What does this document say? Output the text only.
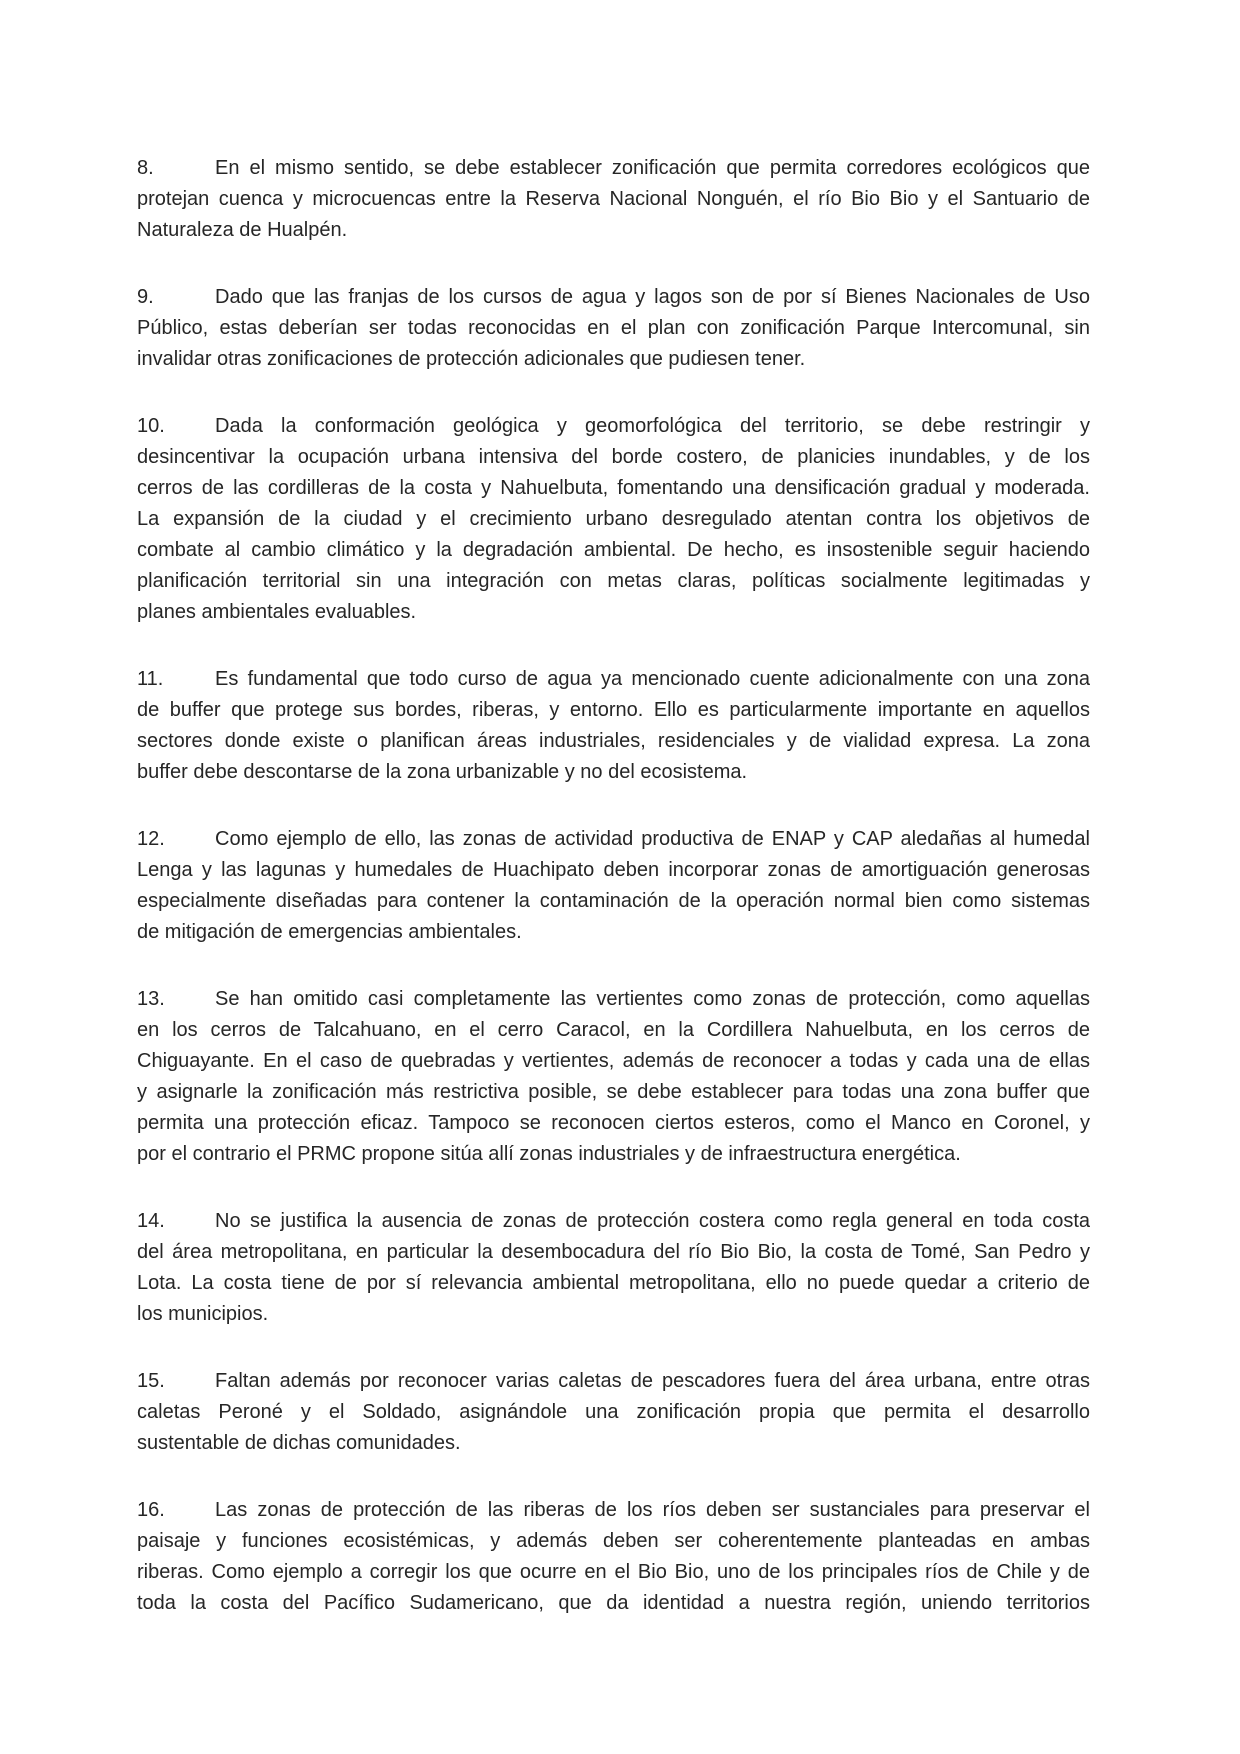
8.	En el mismo sentido, se debe establecer zonificación que permita corredores ecológicos que
protejan cuenca y microcuencas entre la Reserva Nacional Nonguén, el río Bio Bio y el Santuario de
Naturaleza de Hualpén.
9.	Dado que las franjas de los cursos de agua y lagos son de por sí Bienes Nacionales de Uso
Público, estas deberían ser todas reconocidas en el plan con zonificación Parque Intercomunal, sin
invalidar otras zonificaciones de protección adicionales que pudiesen tener.
10.	Dada la conformación geológica y geomorfológica del territorio, se debe restringir y
desincentivar la ocupación urbana intensiva del borde costero, de planicies inundables, y de los
cerros de las cordilleras de la costa y Nahuelbuta, fomentando una densificación gradual y moderada.
La expansión de la ciudad y el crecimiento urbano desregulado atentan contra los objetivos de
combate al cambio climático y la degradación ambiental. De hecho, es insostenible seguir haciendo
planificación territorial sin una integración con metas claras, políticas socialmente legitimadas y
planes ambientales evaluables.
11.	Es fundamental que todo curso de agua ya mencionado cuente adicionalmente con una zona
de buffer que protege sus bordes, riberas, y entorno. Ello es particularmente importante en aquellos
sectores donde existe o planifican áreas industriales, residenciales y de vialidad expresa. La zona
buffer debe descontarse de la zona urbanizable y no del ecosistema.
12.	Como ejemplo de ello, las zonas de actividad productiva de ENAP y CAP aledañas al humedal
Lenga y las lagunas y humedales de Huachipato deben incorporar zonas de amortiguación generosas
especialmente diseñadas para contener la contaminación de la operación normal bien como sistemas
de mitigación de emergencias ambientales.
13.	Se han omitido casi completamente las vertientes como zonas de protección, como aquellas
en los cerros de Talcahuano, en el cerro Caracol, en la Cordillera Nahuelbuta, en los cerros de
Chiguayante. En el caso de quebradas y vertientes, además de reconocer a todas y cada una de ellas
y asignarle la zonificación más restrictiva posible, se debe establecer para todas una zona buffer que
permita una protección eficaz. Tampoco se reconocen ciertos esteros, como el Manco en Coronel, y
por el contrario el PRMC propone sitúa allí zonas industriales y de infraestructura energética.
14.	No se justifica la ausencia de zonas de protección costera como regla general en toda costa
del área metropolitana, en particular la desembocadura del río Bio Bio, la costa de Tomé, San Pedro y
Lota. La costa tiene de por sí relevancia ambiental metropolitana, ello no puede quedar a criterio de
los municipios.
15.	Faltan además por reconocer varias caletas de pescadores fuera del área urbana, entre otras
caletas Peroné y el Soldado, asignándole una zonificación propia que permita el desarrollo
sustentable de dichas comunidades.
16.	Las zonas de protección de las riberas de los ríos deben ser sustanciales para preservar el
paisaje y funciones ecosistémicas, y además deben ser coherentemente planteadas en ambas
riberas. Como ejemplo a corregir los que ocurre en el Bio Bio, uno de los principales ríos de Chile y de
toda la costa del Pacífico Sudamericano, que da identidad a nuestra región, uniendo territorios
